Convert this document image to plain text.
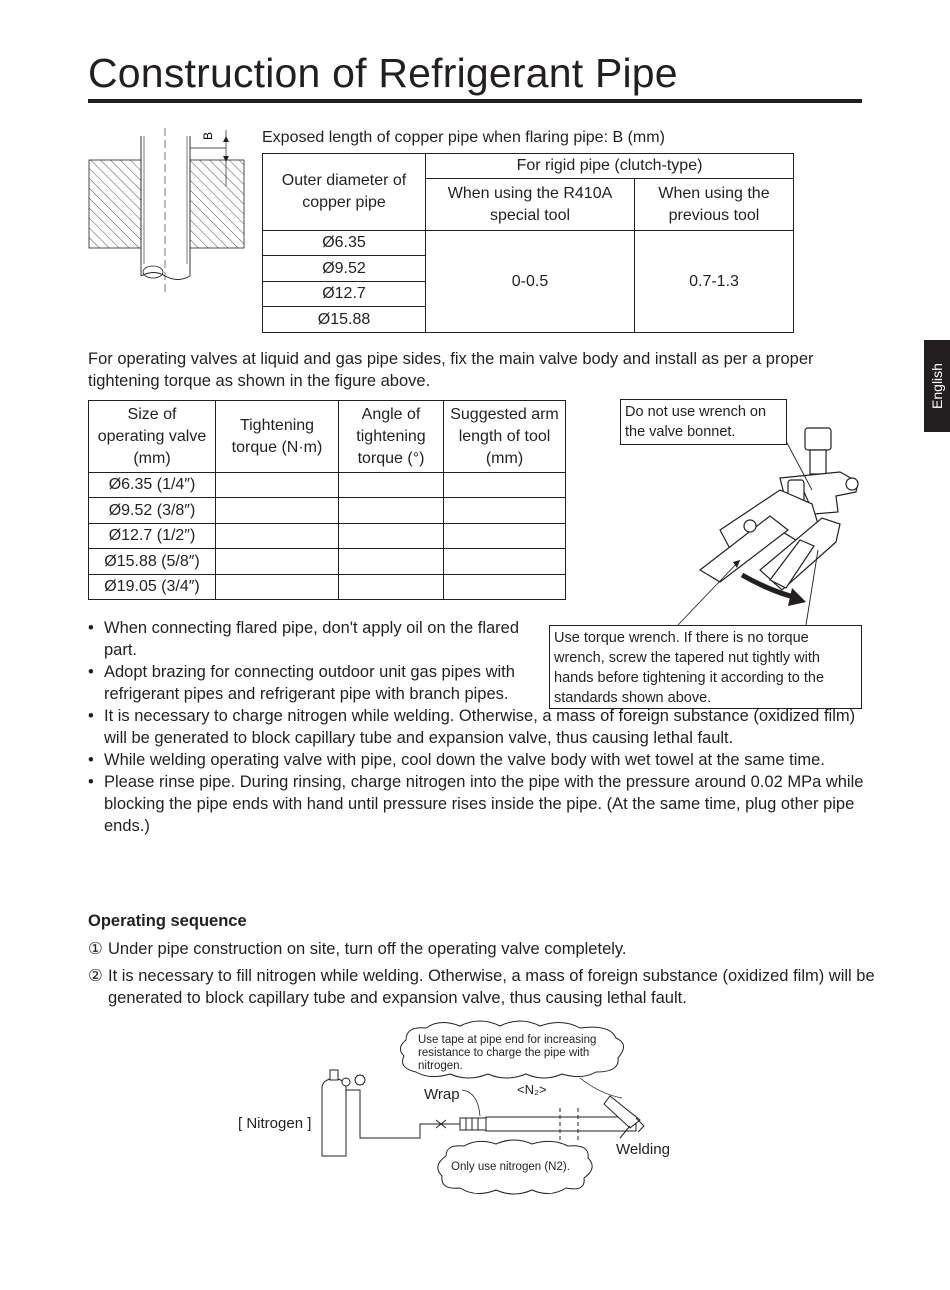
Construction of Refrigerant Pipe
English
B	Exposed length of copper pipe when flaring pipe: B (mm)
Outer diameter of copper pipe	For rigid pipe (clutch-type)	
	When using the R410A special tool	When using the previous tool
Ø6.35	0-0.5	0.7-1.3
Ø9.52		
Ø12.7		
Ø15.88		
For operating valves at liquid and gas pipe sides, fix the main valve body and install as per a proper tightening torque as shown in the figure above.
Size of operating valve (mm)	Tightening torque (N·m)	Angle of tightening torque (°)	Suggested arm length of tool (mm)
Ø6.35 (1/4″)			
Ø9.52 (3/8″)			
Ø12.7 (1/2″)			
Ø15.88 (5/8″)			
Ø19.05 (3/4″)			
Do not use wrench on the valve bonnet.
Use torque wrench. If there is no torque wrench, screw the tapered nut tightly with hands before tightening it according to the standards shown above.
• When connecting flared pipe, don't apply oil on the flared part.
• Adopt brazing for connecting outdoor unit gas pipes with refrigerant pipes and refrigerant pipe with branch pipes.
• It is necessary to charge nitrogen while welding. Otherwise, a mass of foreign substance (oxidized film) will be generated to block capillary tube and expansion valve, thus causing lethal fault.
• While welding operating valve with pipe, cool down the valve body with wet towel at the same time.
• Please rinse pipe. During rinsing, charge nitrogen into the pipe with the pressure around 0.02 MPa while blocking the pipe ends with hand until pressure rises inside the pipe. (At the same time, plug other pipe ends.)
Operating sequence
① Under pipe construction on site, turn off the operating valve completely.
② It is necessary to fill nitrogen while welding. Otherwise, a mass of foreign substance (oxidized film) will be generated to block capillary tube and expansion valve, thus causing lethal fault.
Use tape at pipe end for increasing resistance to charge the pipe with nitrogen.
Only use nitrogen (N2).
[ Nitrogen ]
Wrap	<N₂>
Welding
